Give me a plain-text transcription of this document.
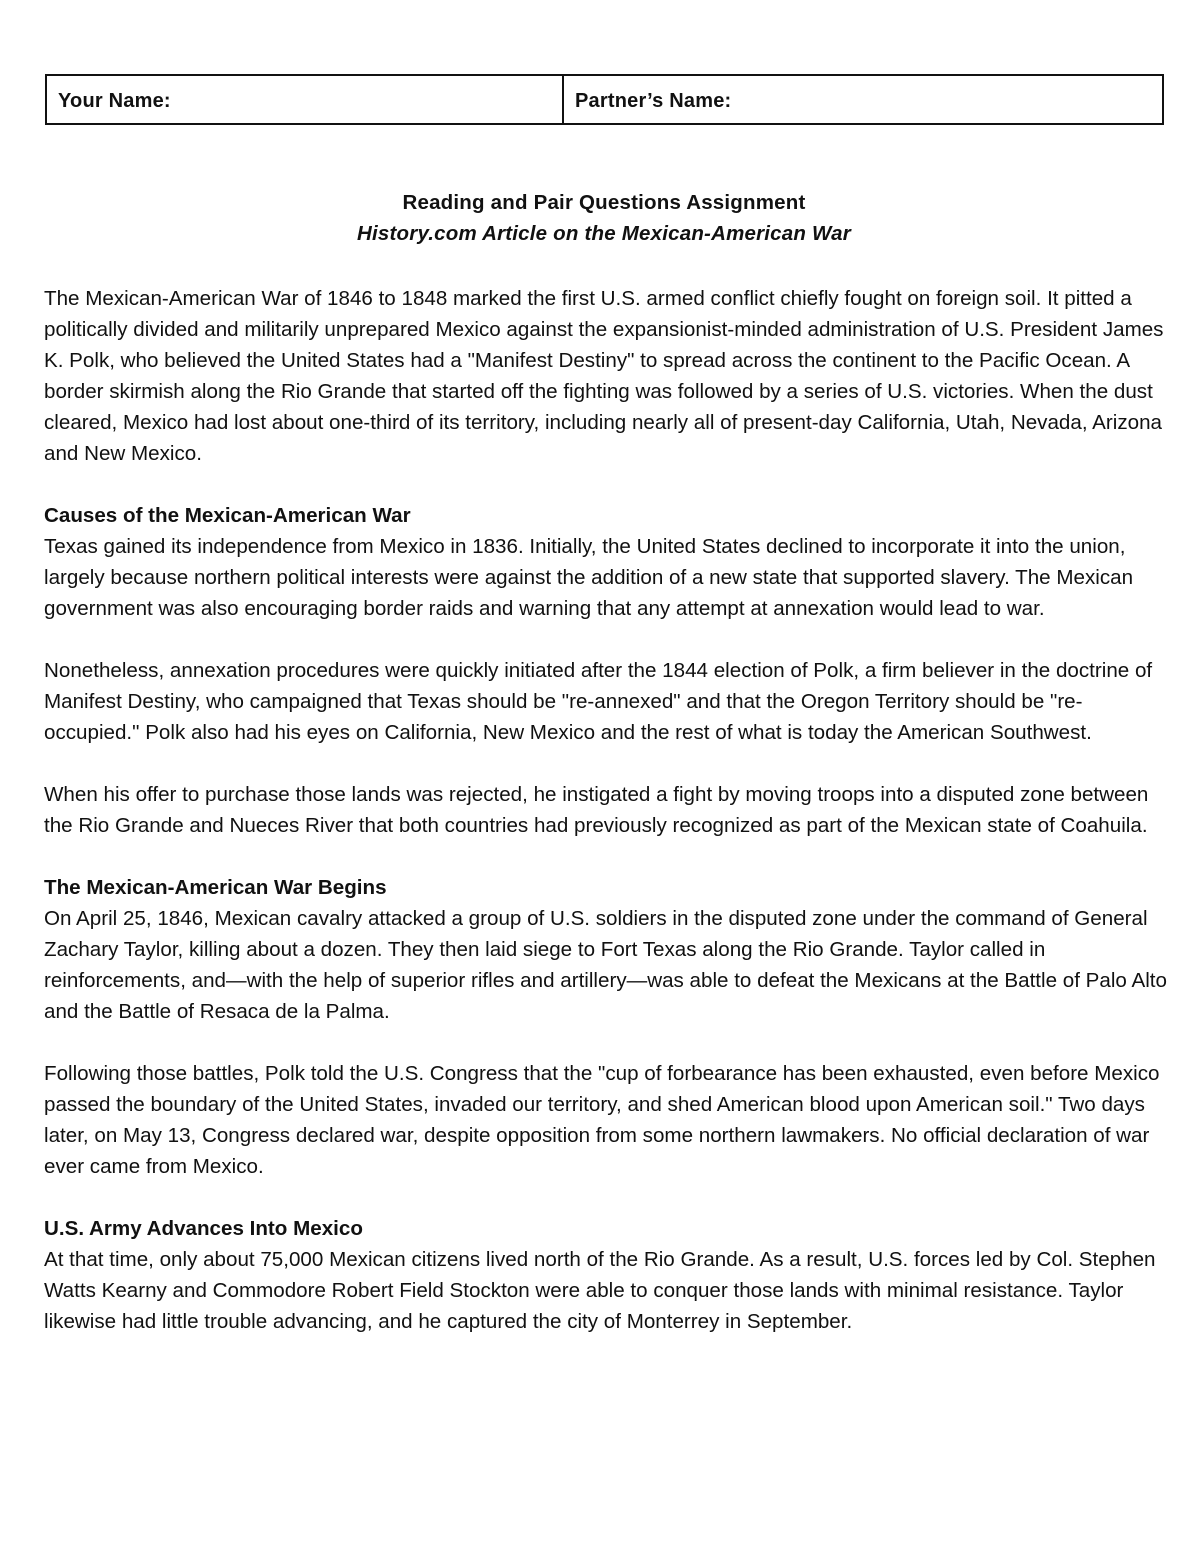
Your Name:	Partner’s Name:
Reading and Pair Questions Assignment
History.com Article on the Mexican-American War

The Mexican-American War of 1846 to 1848 marked the first U.S. armed conflict chiefly fought on foreign soil. It pitted a politically divided and militarily unprepared Mexico against the expansionist-minded administration of U.S. President James K. Polk, who believed the United States had a "Manifest Destiny" to spread across the continent to the Pacific Ocean. A border skirmish along the Rio Grande that started off the fighting was followed by a series of U.S. victories. When the dust cleared, Mexico had lost about one-third of its territory, including nearly all of present-day California, Utah, Nevada, Arizona and New Mexico.

Causes of the Mexican-American War

Texas gained its independence from Mexico in 1836. Initially, the United States declined to incorporate it into the union, largely because northern political interests were against the addition of a new state that supported slavery. The Mexican government was also encouraging border raids and warning that any attempt at annexation would lead to war.

Nonetheless, annexation procedures were quickly initiated after the 1844 election of Polk, a firm believer in the doctrine of Manifest Destiny, who campaigned that Texas should be "re-annexed" and that the Oregon Territory should be "re-occupied." Polk also had his eyes on California, New Mexico and the rest of what is today the American Southwest.

When his offer to purchase those lands was rejected, he instigated a fight by moving troops into a disputed zone between the Rio Grande and Nueces River that both countries had previously recognized as part of the Mexican state of Coahuila.

The Mexican-American War Begins

On April 25, 1846, Mexican cavalry attacked a group of U.S. soldiers in the disputed zone under the command of General Zachary Taylor, killing about a dozen. They then laid siege to Fort Texas along the Rio Grande. Taylor called in reinforcements, and—with the help of superior rifles and artillery—was able to defeat the Mexicans at the Battle of Palo Alto and the Battle of Resaca de la Palma.

Following those battles, Polk told the U.S. Congress that the "cup of forbearance has been exhausted, even before Mexico passed the boundary of the United States, invaded our territory, and shed American blood upon American soil." Two days later, on May 13, Congress declared war, despite opposition from some northern lawmakers. No official declaration of war ever came from Mexico.

U.S. Army Advances Into Mexico

At that time, only about 75,000 Mexican citizens lived north of the Rio Grande. As a result, U.S. forces led by Col. Stephen Watts Kearny and Commodore Robert Field Stockton were able to conquer those lands with minimal resistance. Taylor likewise had little trouble advancing, and he captured the city of Monterrey in September.
